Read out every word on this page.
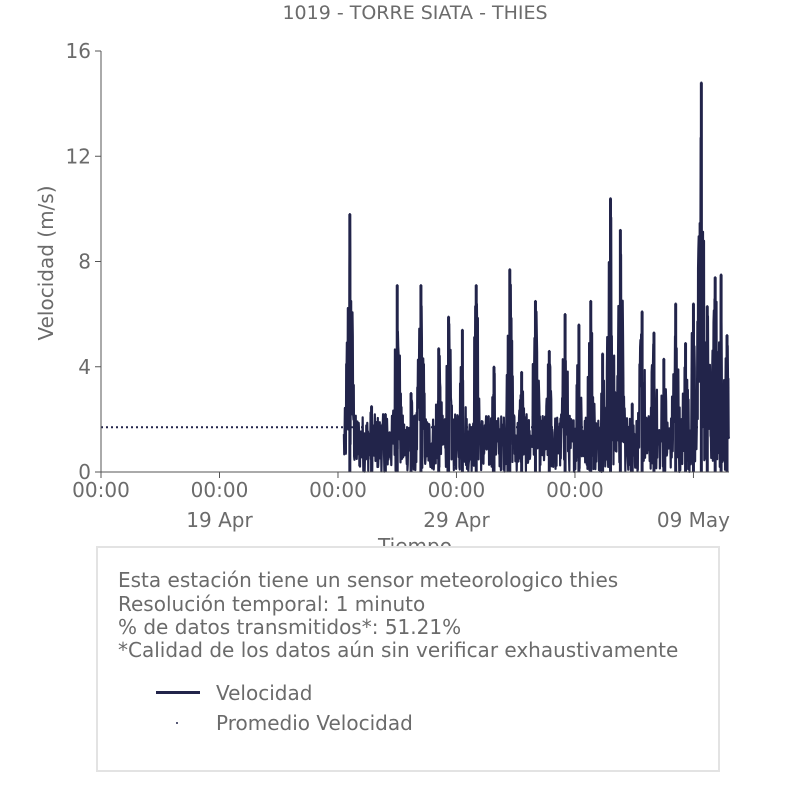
1019 - TORRE SIATA - THIES
0
4
8
12
16
00:00	00:00
19 Apr
00:00	00:00
29 Apr
00:00
09 May
Velocidad (m/s)
Esta estación tiene un sensor meteorologico thies
Resolución temporal: 1 minuto
% de datos transmitidos*: 51.21%
*Calidad de los datos aún sin verificar exhaustivamente
Velocidad
Promedio Velocidad
